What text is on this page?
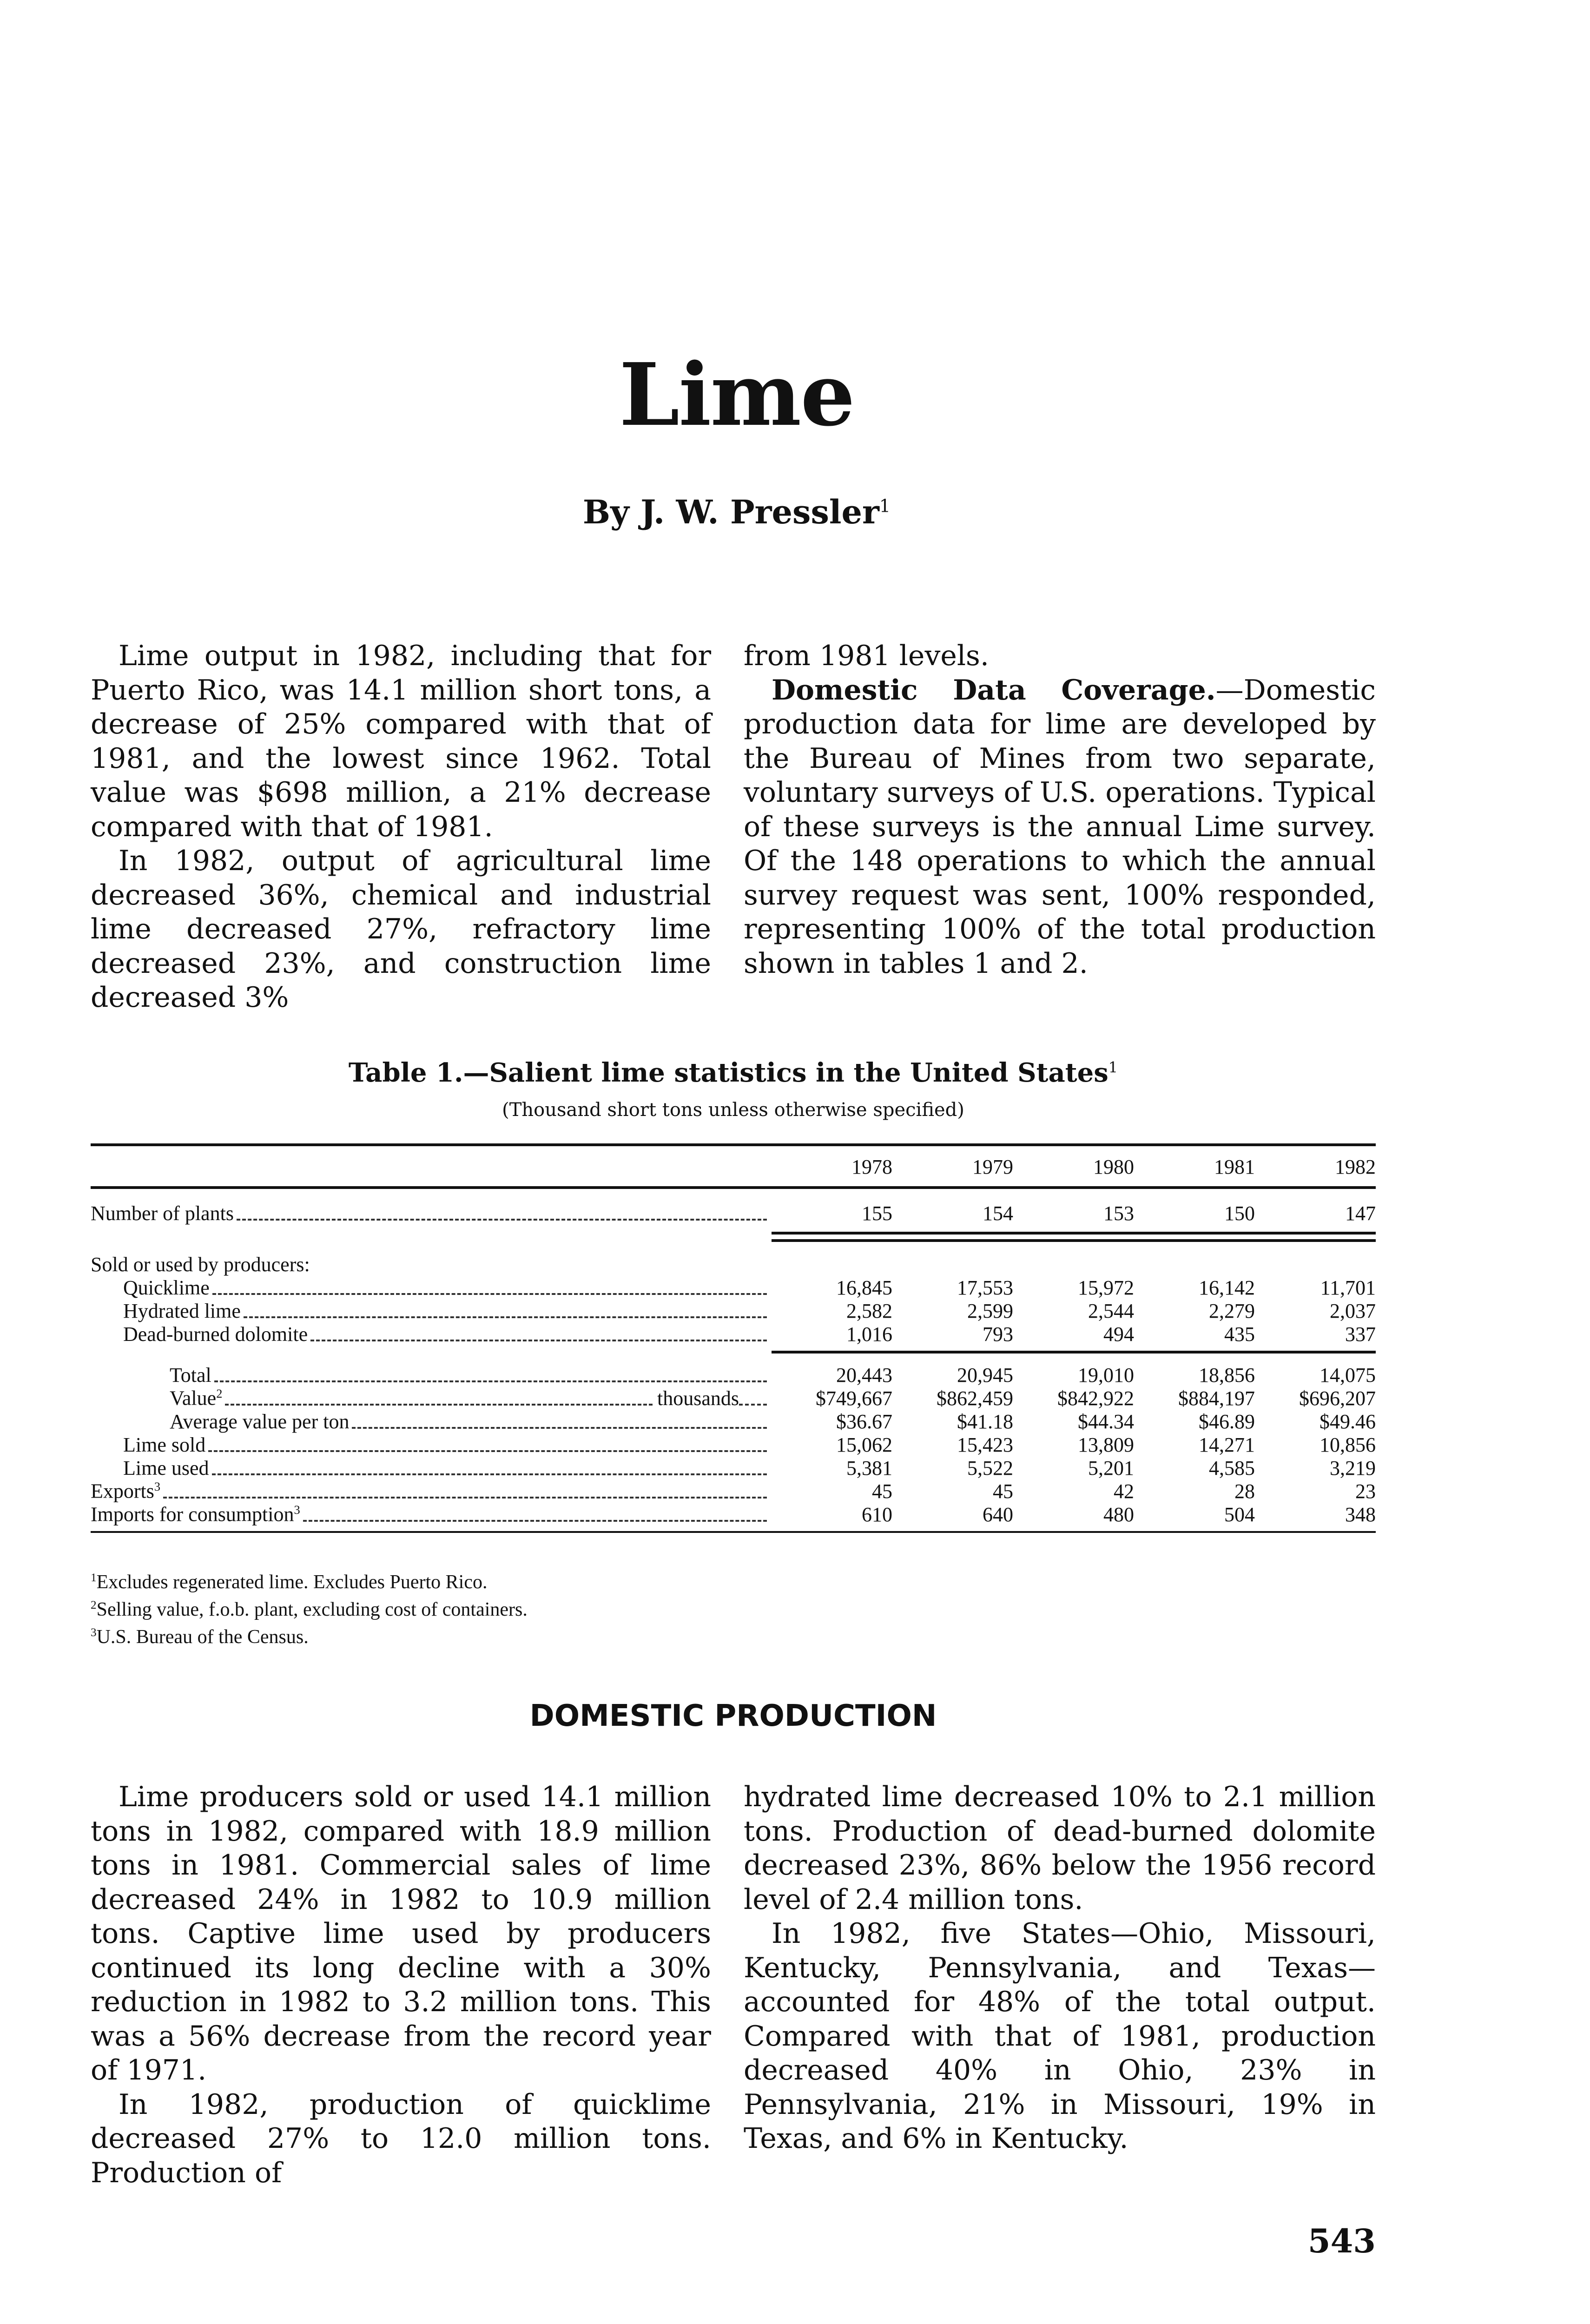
Lime
By J. W. Pressler$^1$

Lime output in 1982, including that for Puerto Rico, was 14.1 million short tons, a decrease of 25% compared with that of 1981, and the lowest since 1962. Total value was $698 million, a 21% decrease compared with that of 1981.

In 1982, output of agricultural lime decreased 36%, chemical and industrial lime decreased 27%, refractory lime decreased 23%, and construction lime decreased 3%

from 1981 levels.

Domestic Data Coverage.—Domestic production data for lime are developed by the Bureau of Mines from two separate, voluntary surveys of U.S. operations. Typical of these surveys is the annual Lime survey. Of the 148 operations to which the annual survey request was sent, 100% responded, representing 100% of the total production shown in tables 1 and 2.

Table 1.—Salient lime statistics in the United States$^1$
(Thousand short tons unless otherwise specified)
1978	1979	1980	1981	1982
Number of plants	155	154	153	150	147
Sold or used by producers:
Quicklime	16,845	17,553	15,972	16,142	11,701
Hydrated lime	2,582	2,599	2,544	2,279	2,037
Dead-burned dolomite	1,016	793	494	435	337
Total	20,443	20,945	19,010	18,856	14,075
Value$^2$	thousands	$749,667	$862,459	$842,922	$884,197	$696,207
Average value per ton	$36.67	$41.18	$44.34	$46.89	$49.46
Lime sold	15,062	15,423	13,809	14,271	10,856
Lime used	5,381	5,522	5,201	4,585	3,219
Exports$^3$	45	45	42	28	23
Imports for consumption$^3$	610	640	480	504	348
$^1$Excludes regenerated lime. Excludes Puerto Rico.
$^2$Selling value, f.o.b. plant, excluding cost of containers.
$^3$U.S. Bureau of the Census.
DOMESTIC PRODUCTION

Lime producers sold or used 14.1 million tons in 1982, compared with 18.9 million tons in 1981. Commercial sales of lime decreased 24% in 1982 to 10.9 million tons. Captive lime used by producers continued its long decline with a 30% reduction in 1982 to 3.2 million tons. This was a 56% decrease from the record year of 1971.

In 1982, production of quicklime decreased 27% to 12.0 million tons. Production of

hydrated lime decreased 10% to 2.1 million tons. Production of dead-burned dolomite decreased 23%, 86% below the 1956 record level of 2.4 million tons.

In 1982, five States—Ohio, Missouri, Kentucky, Pennsylvania, and Texas—accounted for 48% of the total output. Compared with that of 1981, production decreased 40% in Ohio, 23% in Pennsylvania, 21% in Missouri, 19% in Texas, and 6% in Kentucky.

543
